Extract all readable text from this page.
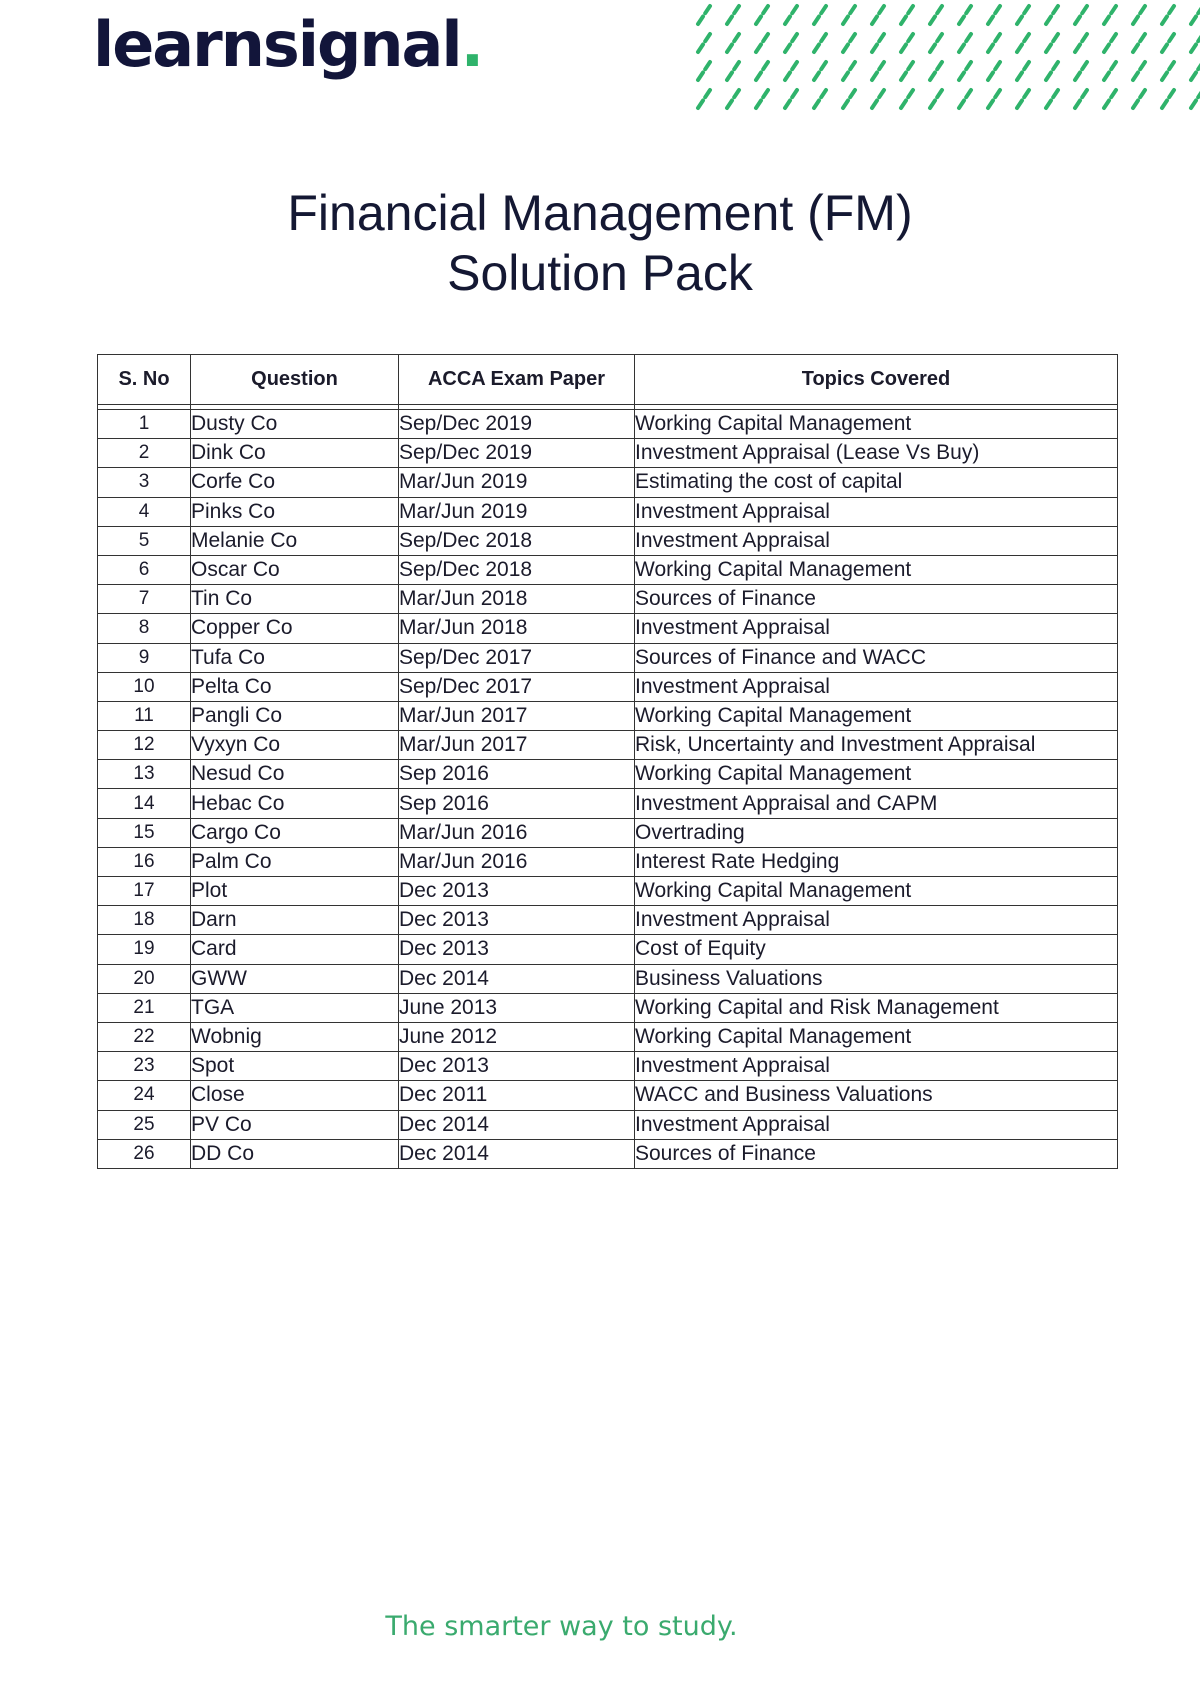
learnsignal.
Financial Management (FM)
Solution Pack
S. No	Question	ACCA Exam Paper	Topics Covered

1	Dusty Co	Sep/Dec 2019	Working Capital Management
2	Dink Co	Sep/Dec 2019	Investment Appraisal (Lease Vs Buy)
3	Corfe Co	Mar/Jun 2019	Estimating the cost of capital
4	Pinks Co	Mar/Jun 2019	Investment Appraisal
5	Melanie Co	Sep/Dec 2018	Investment Appraisal
6	Oscar Co	Sep/Dec 2018	Working Capital Management
7	Tin Co	Mar/Jun 2018	Sources of Finance
8	Copper Co	Mar/Jun 2018	Investment Appraisal
9	Tufa Co	Sep/Dec 2017	Sources of Finance and WACC
10	Pelta Co	Sep/Dec 2017	Investment Appraisal
11	Pangli Co	Mar/Jun 2017	Working Capital Management
12	Vyxyn Co	Mar/Jun 2017	Risk, Uncertainty and Investment Appraisal
13	Nesud Co	Sep 2016	Working Capital Management
14	Hebac Co	Sep 2016	Investment Appraisal and CAPM
15	Cargo Co	Mar/Jun 2016	Overtrading
16	Palm Co	Mar/Jun 2016	Interest Rate Hedging
17	Plot	Dec 2013	Working Capital Management
18	Darn	Dec 2013	Investment Appraisal
19	Card	Dec 2013	Cost of Equity
20	GWW	Dec 2014	Business Valuations
21	TGA	June 2013	Working Capital and Risk Management
22	Wobnig	June 2012	Working Capital Management
23	Spot	Dec 2013	Investment Appraisal
24	Close	Dec 2011	WACC and Business Valuations
25	PV Co	Dec 2014	Investment Appraisal
26	DD Co	Dec 2014	Sources of Finance
The smarter way to study.
